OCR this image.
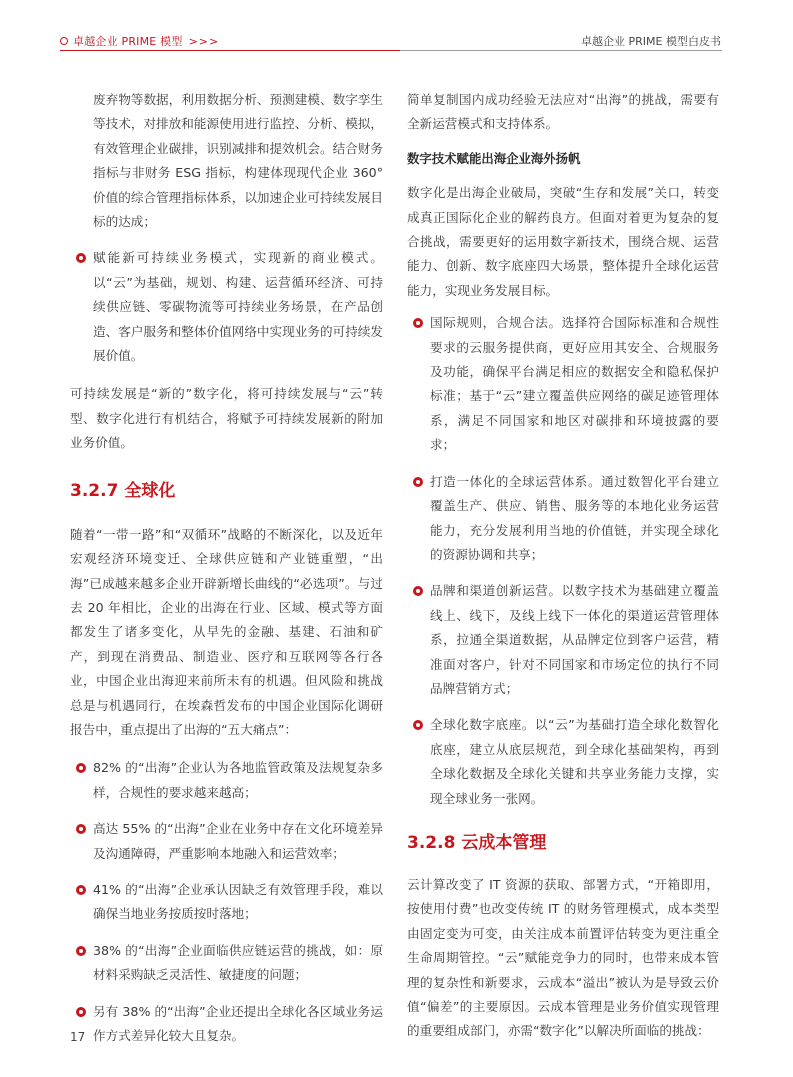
卓越企业 PRIME 模型 >>>	卓越企业 PRIME 模型白皮书

废弃物等数据，利用数据分析、预测建模、数字孪生等技术，对排放和能源使用进行监控、分析、模拟，有效管理企业碳排，识别减排和提效机会。结合财务指标与非财务 ESG 指标，构建体现现代企业 360° 价值的综合管理指标体系，以加速企业可持续发展目标的达成；

赋能新可持续业务模式，实现新的商业模式。以“云”为基础，规划、构建、运营循环经济、可持续供应链、零碳物流等可持续业务场景，在产品创造、客户服务和整体价值网络中实现业务的可持续发展价值。

可持续发展是“新的”数字化，将可持续发展与“云”转型、数字化进行有机结合，将赋予可持续发展新的附加业务价值。

3.2.7 全球化

随着“一带一路”和“双循环”战略的不断深化，以及近年宏观经济环境变迁、全球供应链和产业链重塑，“出海”已成越来越多企业开辟新增长曲线的“必选项”。与过去 20 年相比，企业的出海在行业、区域、模式等方面都发生了诸多变化，从早先的金融、基建、石油和矿产，到现在消费品、制造业、医疗和互联网等各行各业，中国企业出海迎来前所未有的机遇。但风险和挑战总是与机遇同行，在埃森哲发布的中国企业国际化调研报告中，重点提出了出海的“五大痛点”：

82% 的“出海”企业认为各地监管政策及法规复杂多样，合规性的要求越来越高；

高达 55% 的“出海”企业在业务中存在文化环境差异及沟通障碍，严重影响本地融入和运营效率；

41% 的“出海”企业承认因缺乏有效管理手段，难以确保当地业务按质按时落地；

38% 的“出海”企业面临供应链运营的挑战，如：原材料采购缺乏灵活性、敏捷度的问题；

另有 38% 的“出海”企业还提出全球化各区域业务运作方式差异化较大且复杂。

简单复制国内成功经验无法应对“出海”的挑战，需要有全新运营模式和支持体系。

数字技术赋能出海企业海外扬帆

数字化是出海企业破局，突破“生存和发展”关口，转变成真正国际化企业的解药良方。但面对着更为复杂的复合挑战，需要更好的运用数字新技术，围绕合规、运营能力、创新、数字底座四大场景，整体提升全球化运营能力，实现业务发展目标。

国际规则，合规合法。选择符合国际标准和合规性要求的云服务提供商，更好应用其安全、合规服务及功能，确保平台满足相应的数据安全和隐私保护标准；基于“云”建立覆盖供应网络的碳足迹管理体系，满足不同国家和地区对碳排和环境披露的要求；

打造一体化的全球运营体系。通过数智化平台建立覆盖生产、供应、销售、服务等的本地化业务运营能力，充分发展利用当地的价值链，并实现全球化的资源协调和共享；

品牌和渠道创新运营。以数字技术为基础建立覆盖线上、线下，及线上线下一体化的渠道运营管理体系，拉通全渠道数据，从品牌定位到客户运营，精准面对客户，针对不同国家和市场定位的执行不同品牌营销方式；

全球化数字底座。以“云”为基础打造全球化数智化底座，建立从底层规范，到全球化基础架构，再到全球化数据及全球化关键和共享业务能力支撑，实现全球业务一张网。

3.2.8 云成本管理

云计算改变了 IT 资源的获取、部署方式，“开箱即用，按使用付费”也改变传统 IT 的财务管理模式，成本类型由固定变为可变，由关注成本前置评估转变为更注重全生命周期管控。“云”赋能竞争力的同时，也带来成本管理的复杂性和新要求，云成本“溢出”被认为是导致云价值“偏差”的主要原因。云成本管理是业务价值实现管理的重要组成部门，亦需“数字化”以解决所面临的挑战：

17
